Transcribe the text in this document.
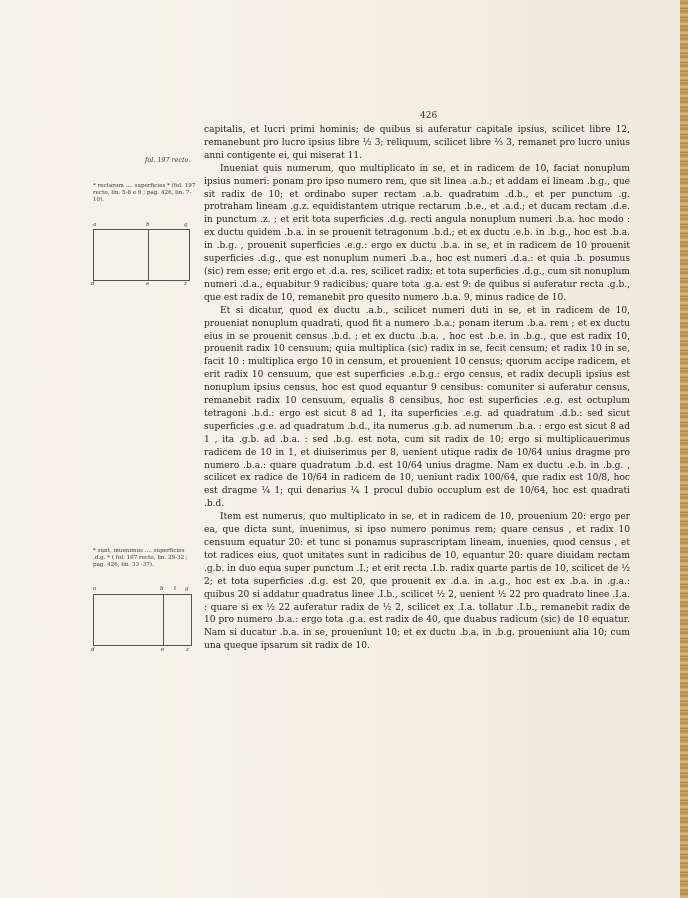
426
fol. 197 recto.
* rectarum .... superficies * (fol. 197 recto, lin. 5-8 e 9 ; pag. 426, lin. 7-10).
a	b	g
d	e	z
* sunt, inuenimus .... superficies .d.g. * ( fol. 197 recto, lin. 29-32 ; pag. 426, lin. 33 -37).
a	b t g
d	e	z

capitalis, et lucri primi hominis; de quibus si auferatur capitale ipsius, scilicet libre 12, remanebunt pro lucro ipsius libre ½ 3; reliquum, scilicet libre ⅔ 3, remanet pro lucro unius anni contigente ei, qui miserat 11.

Inueniat quis numerum, quo multiplicato in se, et in radicem de 10, faciat nonuplum ipsius numeri: ponam pro ipso numero rem, que sit linea .a.b.; et addam ei lineam .b.g., que sit radix de 10; et ordinabo super rectam .a.b. quadratum .d.b., et per punctum .g. protraham lineam .g.z. equidistantem utrique rectarum .b.e., et .a.d.; et ducam rectam .d.e. in punctum .z. ; et erit tota superficies .d.g. recti angula nonuplum numeri .b.a. hoc modo : ex ductu quidem .b.a. in se prouenit tetragonum .b.d.; et ex ductu .e.b. in .b.g., hoc est .b.a. in .b.g. , prouenit superficies .e.g.: ergo ex ductu .b.a. in se, et in radicem de 10 prouenit superficies .d.g., que est nonuplum numeri .b.a., hoc est numeri .d.a.: et quia .b. posumus (sic) rem esse; erit ergo et .d.a. res, scilicet radix; et tota superficies .d.g., cum sit nonuplum numeri .d.a., equabitur 9 radicibus; quare tota .g.a. est 9: de quibus si auferatur recta .g.b., que est radix de 10, remanebit pro quesito numero .b.a. 9, minus radice de 10.

Et si dicatur, quod ex ductu .a.b., scilicet numeri duti in se, et in radicem de 10, proueniat nonuplum quadrati, quod fit a numero .b.a.; ponam iterum .b.a. rem ; et ex ductu eius in se prouenit census .b.d. ; et ex ductu .b.a. , hoc est .b.e. in .b.g., que est radix 10, prouenit radix 10 censuum; quia multiplica (sic) radix in se, fecit censum; et radix 10 in se, facit 10 : multiplica ergo 10 in censum, et prouenient 10 census; quorum accipe radicem, et erit radix 10 censuum, que est superficies .e.b.g.: ergo census, et radix decupli ipsius est nonuplum ipsius census, hoc est quod equantur 9 censibus: comuniter si auferatur census, remanebit radix 10 censuum, equalis 8 censibus, hoc est superficies .e.g. est octuplum tetragoni .b.d.: ergo est sicut 8 ad 1, ita superficies .e.g. ad quadratum .d.b.: sed sicut superficies .g.e. ad quadratum .b.d., ita numerus .g.b. ad numerum .b.a. : ergo est sicut 8 ad 1 , ita .g.b. ad .b.a. : sed .b.g. est nota, cum sit radix de 10; ergo si multiplicauerimus radicem de 10 in 1, et diuiserimus per 8, uenient utique radix de 10/64 unius dragme pro numero .b.a.: quare quadratum .b.d. est 10/64 unius dragme. Nam ex ductu .e.b. in .b.g. , scilicet ex radice de 10/64 in radicem de 10, ueniunt radix 100/64, que radix est 10/8, hoc est dragme ¼ 1; qui denarius ¼ 1 procul dubio occuplum est de 10/64, hoc est quadrati .b.d.

Item est numerus, quo multiplicato in se, et in radicem de 10, prouenium 20: ergo per ea, que dicta sunt, inuenimus, si ipso numero ponimus rem; quare census , et radix 10 censuum equatur 20: et tunc si ponamus suprascriptam lineam, inuenies, quod census , et tot radices eius, quot unitates sunt in radicibus de 10, equantur 20: quare diuidam rectam .g.b. in duo equa super punctum .I.; et erit recta .I.b. radix quarte partis de 10, scilicet de ½ 2; et tota superficies .d.g. est 20, que prouenit ex .d.a. in .a.g., hoc est ex .b.a. in .g.a.: quibus 20 si addatur quadratus linee .I.b., scilicet ½ 2, uenient ½ 22 pro quadrato linee .I.a. : quare si ex ½ 22 auferatur radix de ½ 2, scilicet ex .I.a. tollatur .I.b., remanebit radix de 10 pro numero .b.a.: ergo tota .g.a. est radix de 40, que duabus radicum (sic) de 10 equatur. Nam si ducatur .b.a. in se, proueniunt 10; et ex ductu .b.a. in .b.g. proueniunt alia 10; cum una queque ipsarum sit radix de 10.
